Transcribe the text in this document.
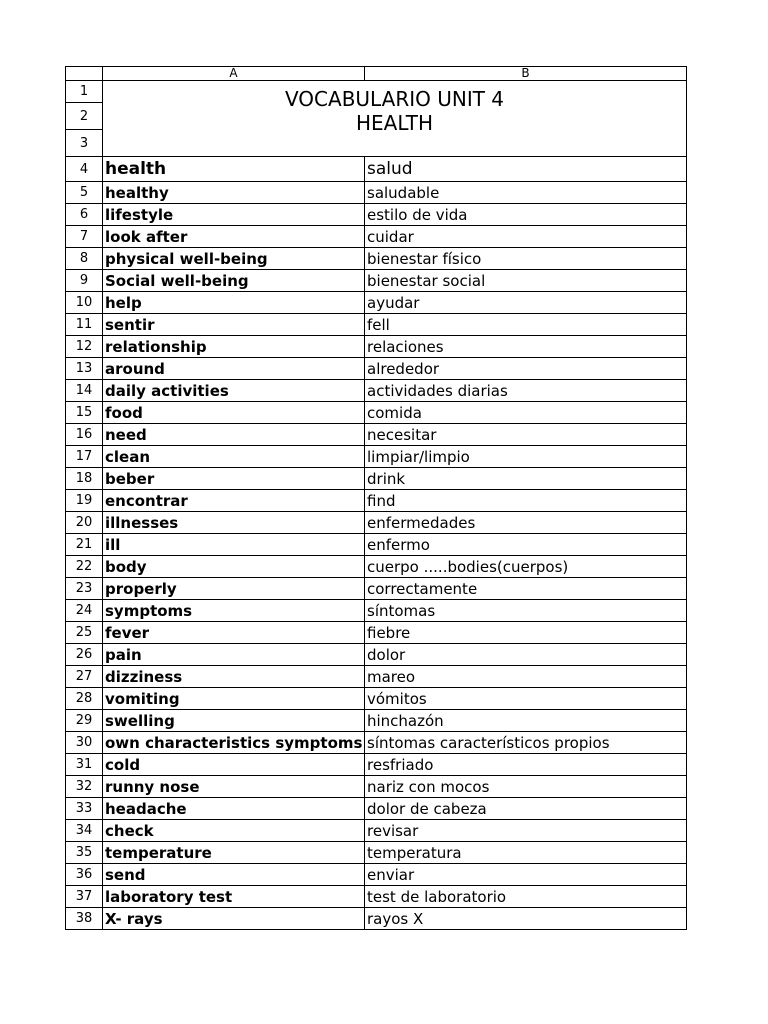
	A	B
1	VOCABULARIO UNIT 4
HEALTH	

2		
3		
4	health	salud
5	healthy	saludable
6	lifestyle	estilo de vida
7	look after	cuidar
8	physical well-being	bienestar físico
9	Social well-being	bienestar social
10	help	ayudar
11	sentir	fell
12	relationship	relaciones
13	around	alrededor
14	daily activities	actividades diarias
15	food	comida
16	need	necesitar
17	clean	limpiar/limpio
18	beber	drink
19	encontrar	find
20	illnesses	enfermedades
21	ill	enfermo
22	body	cuerpo .....bodies(cuerpos)
23	properly	correctamente
24	symptoms	síntomas
25	fever	fiebre
26	pain	dolor
27	dizziness	mareo
28	vomiting	vómitos
29	swelling	hinchazón
30	own characteristics symptoms	síntomas característicos propios
31	cold	resfriado
32	runny nose	nariz con mocos
33	headache	dolor de cabeza
34	check	revisar
35	temperature	temperatura
36	send	enviar
37	laboratory test	test de laboratorio
38	X- rays	rayos X
